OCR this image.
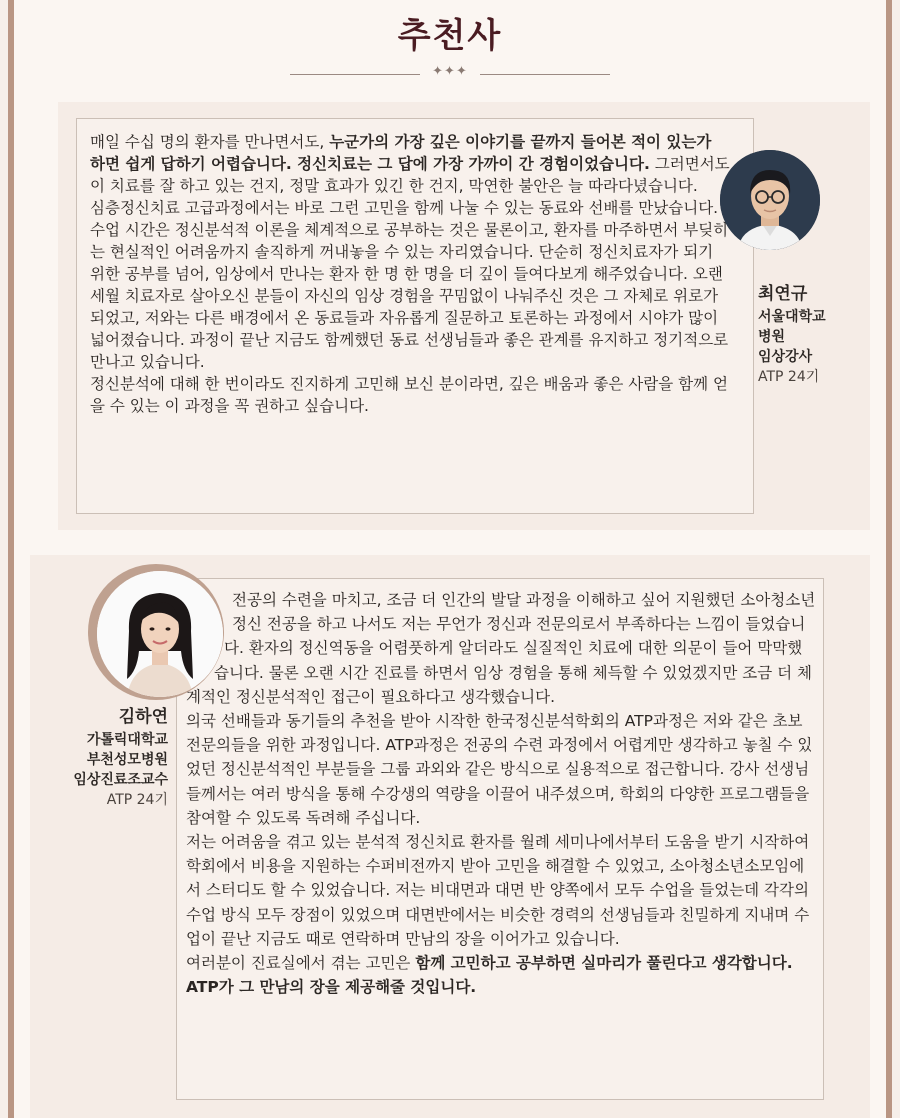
추천사
✦✦✦

매일 수십 명의 환자를 만나면서도, 누군가의 가장 깊은 이야기를 끝까지 들어본 적이 있는가 하면 쉽게 답하기 어렵습니다. 정신치료는 그 답에 가장 가까이 간 경험이었습니다. 그러면서도 이 치료를 잘 하고 있는 건지, 정말 효과가 있긴 한 건지, 막연한 불안은 늘 따라다녔습니다.

심층정신치료 고급과정에서는 바로 그런 고민을 함께 나눌 수 있는 동료와 선배를 만났습니다. 수업 시간은 정신분석적 이론을 체계적으로 공부하는 것은 물론이고, 환자를 마주하면서 부딪히는 현실적인 어려움까지 솔직하게 꺼내놓을 수 있는 자리였습니다. 단순히 정신치료자가 되기 위한 공부를 넘어, 임상에서 만나는 환자 한 명 한 명을 더 깊이 들여다보게 해주었습니다. 오랜 세월 치료자로 살아오신 분들이 자신의 임상 경험을 꾸밈없이 나눠주신 것은 그 자체로 위로가 되었고, 저와는 다른 배경에서 온 동료들과 자유롭게 질문하고 토론하는 과정에서 시야가 많이 넓어졌습니다. 과정이 끝난 지금도 함께했던 동료 선생님들과 좋은 관계를 유지하고 정기적으로 만나고 있습니다.

정신분석에 대해 한 번이라도 진지하게 고민해 보신 분이라면, 깊은 배움과 좋은 사람을 함께 얻을 수 있는 이 과정을 꼭 권하고 싶습니다.

최연규
서울대학교
병원
임상강사
ATP 24기

전공의 수련을 마치고, 조금 더 인간의 발달 과정을 이해하고 싶어 지원했던 소아청소년정신 전공을 하고 나서도 저는 무언가 정신과 전문의로서 부족하다는 느낌이 들었습니다. 환자의 정신역동을 어렴풋하게 알더라도 실질적인 치료에 대한 의문이 들어 막막했습니다. 물론 오랜 시간 진료를 하면서 임상 경험을 통해 체득할 수 있었겠지만 조금 더 체계적인 정신분석적인 접근이 필요하다고 생각했습니다.

의국 선배들과 동기들의 추천을 받아 시작한 한국정신분석학회의 ATP과정은 저와 같은 초보 전문의들을 위한 과정입니다. ATP과정은 전공의 수련 과정에서 어렵게만 생각하고 놓칠 수 있었던 정신분석적인 부분들을 그룹 과외와 같은 방식으로 실용적으로 접근합니다. 강사 선생님들께서는 여러 방식을 통해 수강생의 역량을 이끌어 내주셨으며, 학회의 다양한 프로그램들을 참여할 수 있도록 독려해 주십니다.

저는 어려움을 겪고 있는 분석적 정신치료 환자를 월례 세미나에서부터 도움을 받기 시작하여 학회에서 비용을 지원하는 수퍼비전까지 받아 고민을 해결할 수 있었고, 소아청소년소모임에서 스터디도 할 수 있었습니다. 저는 비대면과 대면 반 양쪽에서 모두 수업을 들었는데 각각의 수업 방식 모두 장점이 있었으며 대면반에서는 비슷한 경력의 선생님들과 친밀하게 지내며 수업이 끝난 지금도 때로 연락하며 만남의 장을 이어가고 있습니다.

여러분이 진료실에서 겪는 고민은 함께 고민하고 공부하면 실마리가 풀린다고 생각합니다. ATP가 그 만남의 장을 제공해줄 것입니다.

김하연
가톨릭대학교
부천성모병원
임상진료조교수
ATP 24기
